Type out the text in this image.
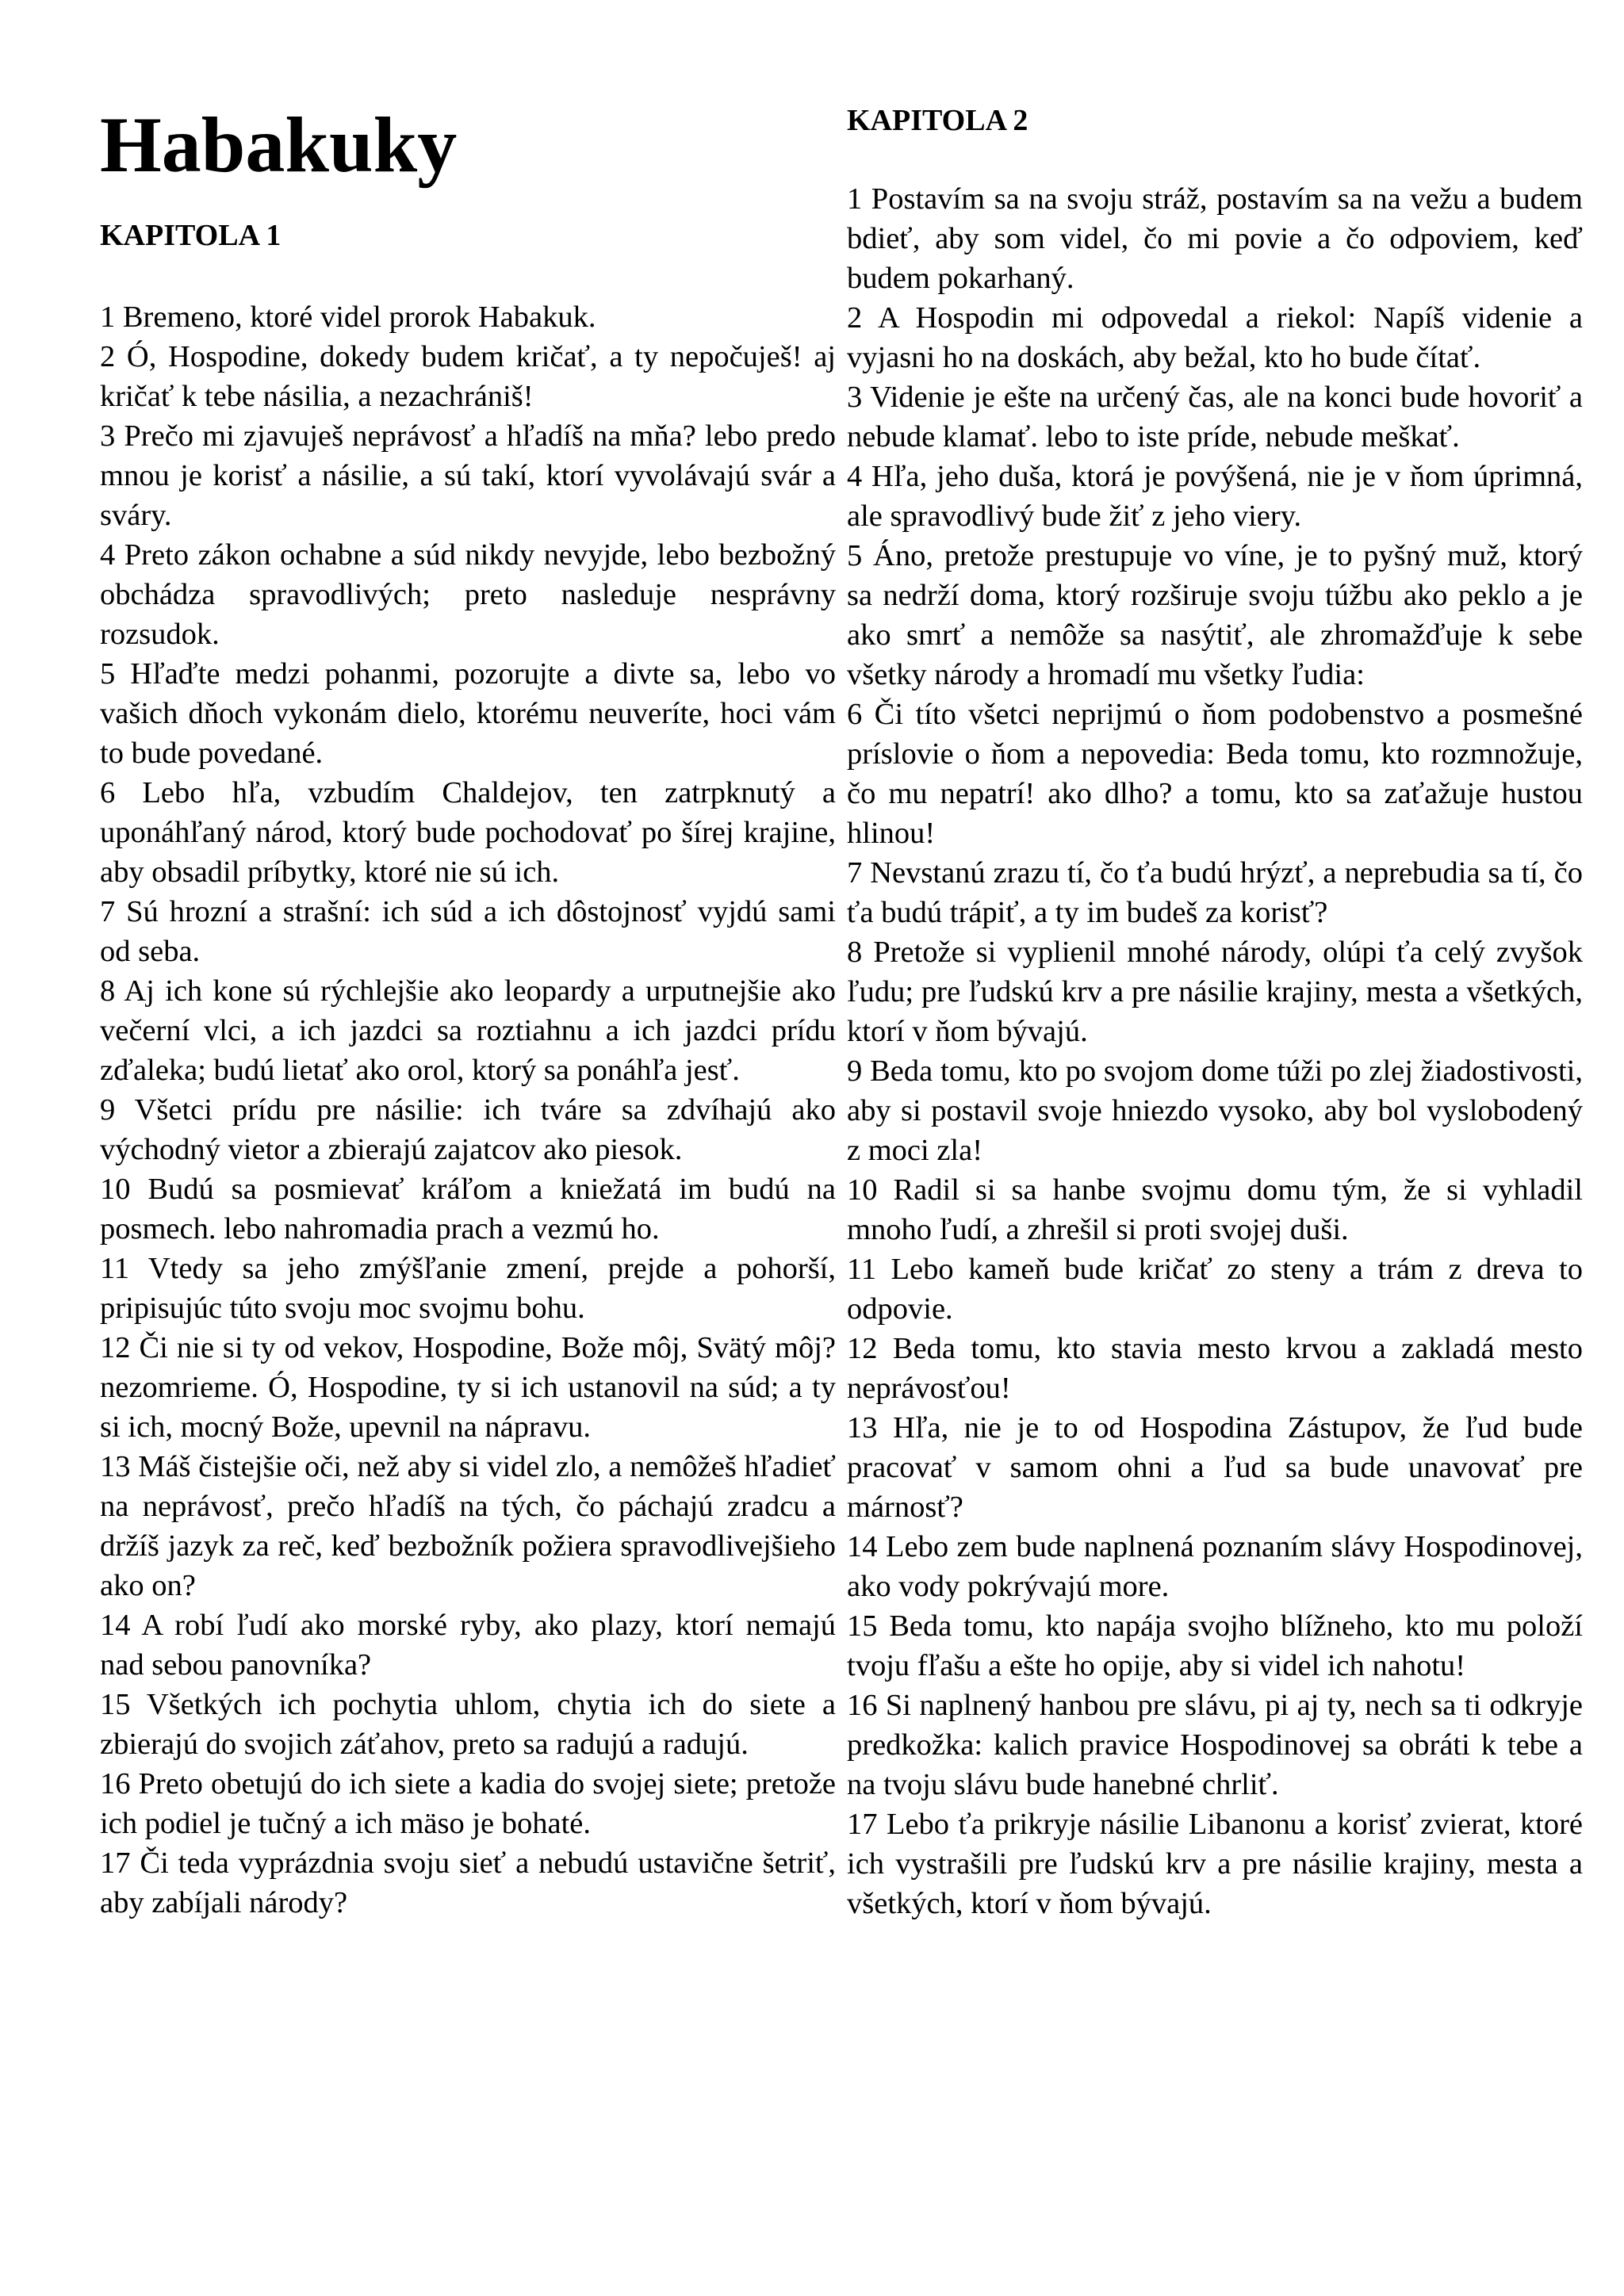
Habakuky
KAPITOLA 1

1 Bremeno, ktoré videl prorok Habakuk.

2 Ó, Hospodine, dokedy budem kričať, a ty nepočuješ! aj kričať k tebe násilia, a nezachrániš!

3 Prečo mi zjavuješ neprávosť a hľadíš na mňa? lebo predo mnou je korisť a násilie, a sú takí, ktorí vyvolávajú svár a sváry.

4 Preto zákon ochabne a súd nikdy nevyjde, lebo bezbožný obchádza spravodlivých; preto nasleduje nesprávny rozsudok.

5 Hľaďte medzi pohanmi, pozorujte a divte sa, lebo vo vašich dňoch vykonám dielo, ktorému neuveríte, hoci vám to bude povedané.

6 Lebo hľa, vzbudím Chaldejov, ten zatrpknutý a uponáhľaný národ, ktorý bude pochodovať po šírej krajine, aby obsadil príbytky, ktoré nie sú ich.

7 Sú hrozní a strašní: ich súd a ich dôstojnosť vyjdú sami od seba.

8 Aj ich kone sú rýchlejšie ako leopardy a urputnejšie ako večerní vlci, a ich jazdci sa roztiahnu a ich jazdci prídu zďaleka; budú lietať ako orol, ktorý sa ponáhľa jesť.

9 Všetci prídu pre násilie: ich tváre sa zdvíhajú ako východný vietor a zbierajú zajatcov ako piesok.

10 Budú sa posmievať kráľom a kniežatá im budú na posmech. lebo nahromadia prach a vezmú ho.

11 Vtedy sa jeho zmýšľanie zmení, prejde a pohorší, pripisujúc túto svoju moc svojmu bohu.

12 Či nie si ty od vekov, Hospodine, Bože môj, Svätý môj? nezomrieme. Ó, Hospodine, ty si ich ustanovil na súd; a ty si ich, mocný Bože, upevnil na nápravu.

13 Máš čistejšie oči, než aby si videl zlo, a nemôžeš hľadieť na neprávosť, prečo hľadíš na tých, čo páchajú zradcu a držíš jazyk za reč, keď bezbožník požiera spravodlivejšieho ako on?

14 A robí ľudí ako morské ryby, ako plazy, ktorí nemajú nad sebou panovníka?

15 Všetkých ich pochytia uhlom, chytia ich do siete a zbierajú do svojich záťahov, preto sa radujú a radujú.

16 Preto obetujú do ich siete a kadia do svojej siete; pretože ich podiel je tučný a ich mäso je bohaté.

17 Či teda vyprázdnia svoju sieť a nebudú ustavične šetriť, aby zabíjali národy?

KAPITOLA 2

1 Postavím sa na svoju stráž, postavím sa na vežu a budem bdieť, aby som videl, čo mi povie a čo odpoviem, keď budem pokarhaný.

2 A Hospodin mi odpovedal a riekol: Napíš videnie a vyjasni ho na doskách, aby bežal, kto ho bude čítať.

3 Videnie je ešte na určený čas, ale na konci bude hovoriť a nebude klamať. lebo to iste príde, nebude meškať.

4 Hľa, jeho duša, ktorá je povýšená, nie je v ňom úprimná, ale spravodlivý bude žiť z jeho viery.

5 Áno, pretože prestupuje vo víne, je to pyšný muž, ktorý sa nedrží doma, ktorý rozširuje svoju túžbu ako peklo a je ako smrť a nemôže sa nasýtiť, ale zhromažďuje k sebe všetky národy a hromadí mu všetky ľudia:

6 Či títo všetci neprijmú o ňom podobenstvo a posmešné príslovie o ňom a nepovedia: Beda tomu, kto rozmnožuje, čo mu nepatrí! ako dlho? a tomu, kto sa zaťažuje hustou hlinou!

7 Nevstanú zrazu tí, čo ťa budú hrýzť, a neprebudia sa tí, čo ťa budú trápiť, a ty im budeš za korisť?

8 Pretože si vyplienil mnohé národy, olúpi ťa celý zvyšok ľudu; pre ľudskú krv a pre násilie krajiny, mesta a všetkých, ktorí v ňom bývajú.

9 Beda tomu, kto po svojom dome túži po zlej žiadostivosti, aby si postavil svoje hniezdo vysoko, aby bol vyslobodený z moci zla!

10 Radil si sa hanbe svojmu domu tým, že si vyhladil mnoho ľudí, a zhrešil si proti svojej duši.

11 Lebo kameň bude kričať zo steny a trám z dreva to odpovie.

12 Beda tomu, kto stavia mesto krvou a zakladá mesto neprávosťou!

13 Hľa, nie je to od Hospodina Zástupov, že ľud bude pracovať v samom ohni a ľud sa bude unavovať pre márnosť?

14 Lebo zem bude naplnená poznaním slávy Hospodinovej, ako vody pokrývajú more.

15 Beda tomu, kto napája svojho blížneho, kto mu položí tvoju fľašu a ešte ho opije, aby si videl ich nahotu!

16 Si naplnený hanbou pre slávu, pi aj ty, nech sa ti odkryje predkožka: kalich pravice Hospodinovej sa obráti k tebe a na tvoju slávu bude hanebné chrliť.

17 Lebo ťa prikryje násilie Libanonu a korisť zvierat, ktoré ich vystrašili pre ľudskú krv a pre násilie krajiny, mesta a všetkých, ktorí v ňom bývajú.
